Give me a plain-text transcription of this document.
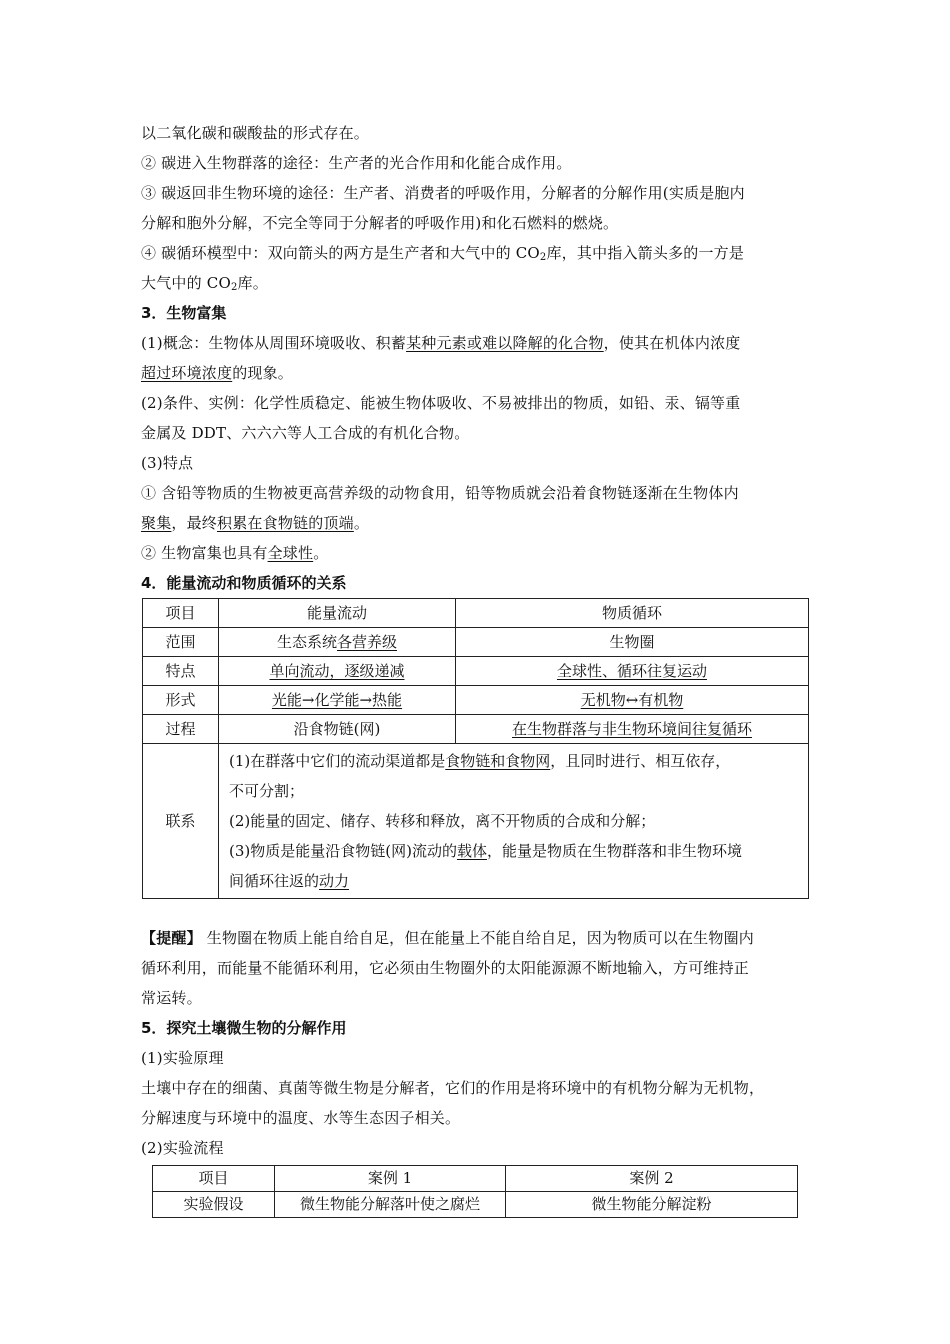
以二氧化碳和碳酸盐的形式存在。

② 碳进入生物群落的途径：生产者的光合作用和化能合成作用。

③ 碳返回非生物环境的途径：生产者、消费者的呼吸作用，分解者的分解作用(实质是胞内

分解和胞外分解，不完全等同于分解者的呼吸作用)和化石燃料的燃烧。

④ 碳循环模型中：双向箭头的两方是生产者和大气中的 $CO_2$库，其中指入箭头多的一方是

大气中的 $CO_2$库。

3．生物富集

(1)概念：生物体从周围环境吸收、积蓄某种元素或难以降解的化合物，使其在机体内浓度

超过环境浓度的现象。

(2)条件、实例：化学性质稳定、能被生物体吸收、不易被排出的物质，如铅、汞、镉等重

金属及 DDT、六六六等人工合成的有机化合物。

(3)特点

① 含铅等物质的生物被更高营养级的动物食用，铅等物质就会沿着食物链逐渐在生物体内

聚集，最终积累在食物链的顶端。

② 生物富集也具有全球性。

4．能量流动和物质循环的关系

项目	能量流动	物质循环
范围	生态系统各营养级	生物圈
特点	单向流动，逐级递减	全球性、循环往复运动
形式	光能→化学能→热能	无机物↔有机物
过程	沿食物链(网)	在生物群落与非生物环境间往复循环
联系	(1)在群落中它们的流动渠道都是食物链和食物网，且同时进行、相互依存，
不可分割；
(2)能量的固定、储存、转移和释放，离不开物质的合成和分解；
(3)物质是能量沿食物链(网)流动的载体，能量是物质在生物群落和非生物环境
间循环往返的动力	

【提醒】 生物圈在物质上能自给自足，但在能量上不能自给自足，因为物质可以在生物圈内

循环利用，而能量不能循环利用，它必须由生物圈外的太阳能源源不断地输入，方可维持正

常运转。

5．探究土壤微生物的分解作用

(1)实验原理

土壤中存在的细菌、真菌等微生物是分解者，它们的作用是将环境中的有机物分解为无机物，

分解速度与环境中的温度、水等生态因子相关。

(2)实验流程

项目	案例 1	案例 2
实验假设	微生物能分解落叶使之腐烂	微生物能分解淀粉
